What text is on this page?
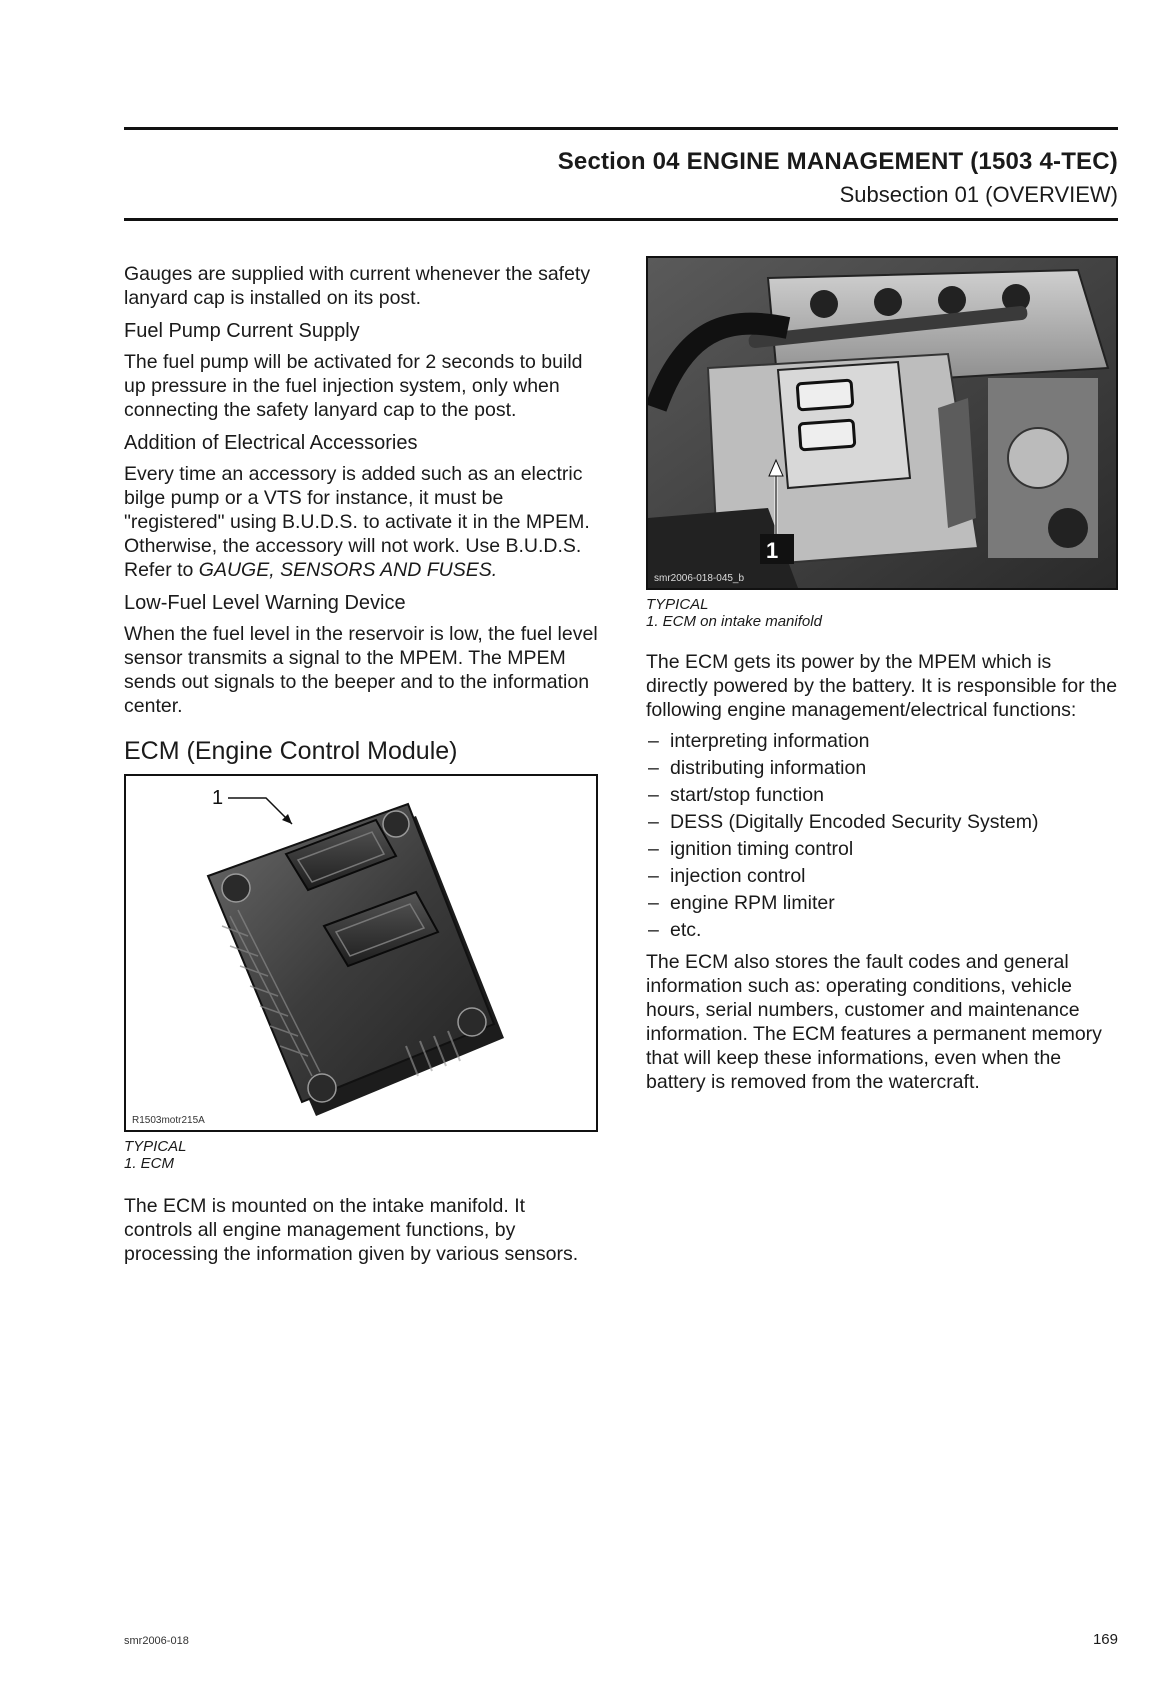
Section 04 ENGINE MANAGEMENT (1503 4-TEC)
Subsection 01 (OVERVIEW)

Gauges are supplied with current whenever the safety lanyard cap is installed on its post.

Fuel Pump Current Supply

The fuel pump will be activated for 2 seconds to build up pressure in the fuel injection system, only when connecting the safety lanyard cap to the post.

Addition of Electrical Accessories

Every time an accessory is added such as an electric bilge pump or a VTS for instance, it must be "registered" using B.U.D.S. to activate it in the MPEM. Otherwise, the accessory will not work. Use B.U.D.S. Refer to GAUGE, SENSORS AND FUSES.

Low-Fuel Level Warning Device

When the fuel level in the reservoir is low, the fuel level sensor transmits a signal to the MPEM. The MPEM sends out signals to the beeper and to the information center.

ECM (Engine Control Module)
1
R1503motr215A
TYPICAL
1. ECM

The ECM is mounted on the intake manifold. It controls all engine management functions, by processing the information given by various sensors.

1
smr2006-018-045_b
TYPICAL
1. ECM on intake manifold

The ECM gets its power by the MPEM which is directly powered by the battery. It is responsible for the following engine management/electrical functions:

– interpreting information
– distributing information
– start/stop function
– DESS (Digitally Encoded Security System)
– ignition timing control
– injection control
– engine RPM limiter
– etc.

The ECM also stores the fault codes and general information such as: operating conditions, vehicle hours, serial numbers, customer and maintenance information. The ECM features a permanent memory that will keep these informations, even when the battery is removed from the watercraft.

smr2006-018	169
